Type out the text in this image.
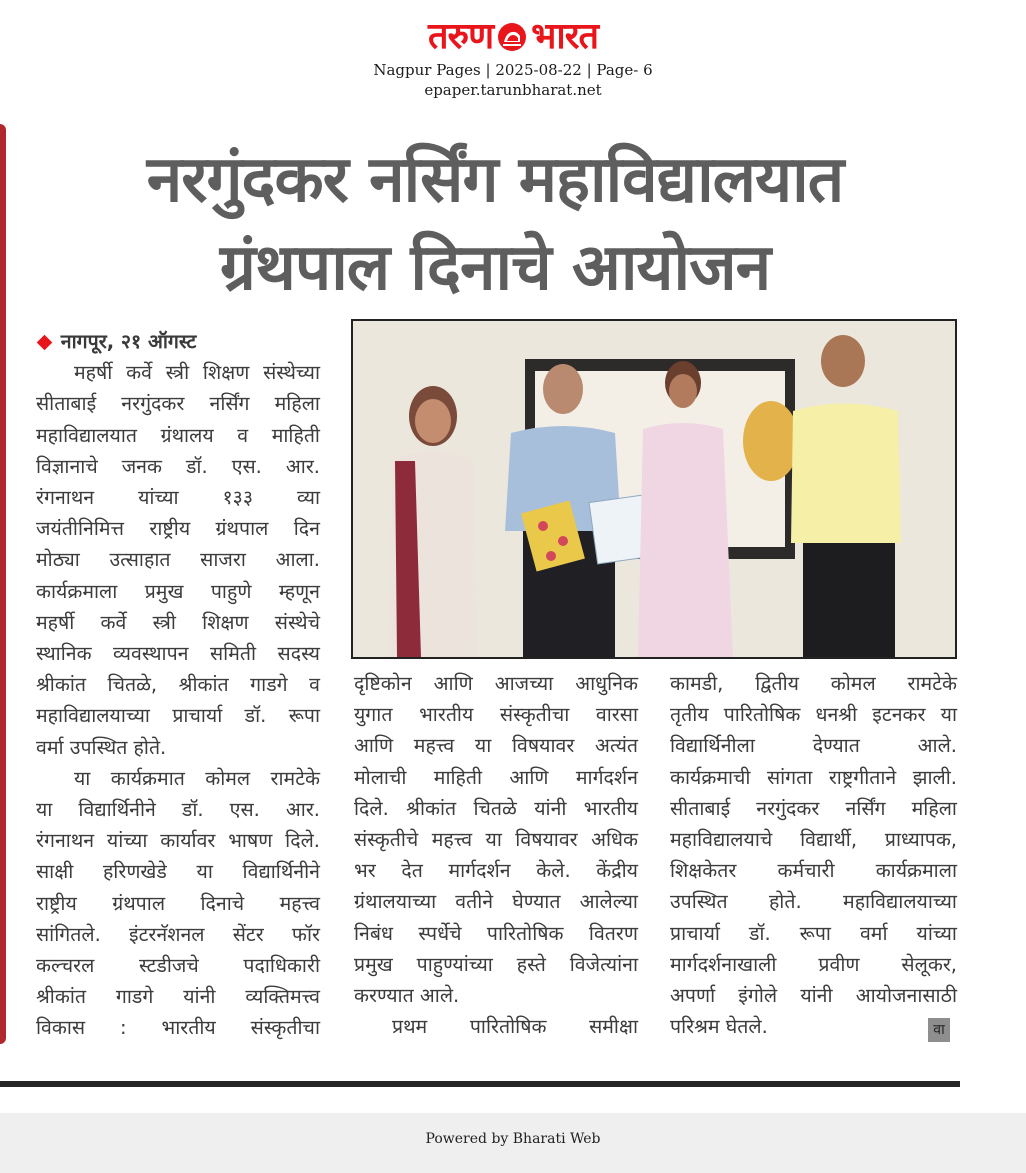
तरुण भारत
Nagpur Pages | 2025-08-22 | Page- 6
epaper.tarunbharat.net
नरगुंदकर नर्सिंग महाविद्यालयात
ग्रंथपाल दिनाचे आयोजन
नागपूर, २१ ऑगस्ट
महर्षी कर्वे स्त्री शिक्षण संस्थेच्या
सीताबाई नरगुंदकर नर्सिंग महिला
महाविद्यालयात ग्रंथालय व माहिती
विज्ञानाचे जनक डॉ. एस. आर.
रंगनाथन यांच्या १३३ व्या
जयंतीनिमित्त राष्ट्रीय ग्रंथपाल दिन
मोठ्या उत्साहात साजरा आला.
कार्यक्रमाला प्रमुख पाहुणे म्हणून
महर्षी कर्वे स्त्री शिक्षण संस्थेचे
स्थानिक व्यवस्थापन समिती सदस्य
श्रीकांत चितळे, श्रीकांत गाडगे व
महाविद्यालयाच्या प्राचार्या डॉ. रूपा
वर्मा उपस्थित होते.
या कार्यक्रमात कोमल रामटेके
या विद्यार्थिनीने डॉ. एस. आर.
रंगनाथन यांच्या कार्यावर भाषण दिले.
साक्षी हरिणखेडे या विद्यार्थिनीने
राष्ट्रीय ग्रंथपाल दिनाचे महत्त्व
सांगितले. इंटरनॅशनल सेंटर फॉर
कल्चरल स्टडीजचे पदाधिकारी
श्रीकांत गाडगे यांनी व्यक्तिमत्त्व
विकास : भारतीय संस्कृतीचा
दृष्टिकोन आणि आजच्या आधुनिक
युगात भारतीय संस्कृतीचा वारसा
आणि महत्त्व या विषयावर अत्यंत
मोलाची माहिती आणि मार्गदर्शन
दिले. श्रीकांत चितळे यांनी भारतीय
संस्कृतीचे महत्त्व या विषयावर अधिक
भर देत मार्गदर्शन केले. केंद्रीय
ग्रंथालयाच्या वतीने घेण्यात आलेल्या
निबंध स्पर्धेचे पारितोषिक वितरण
प्रमुख पाहुण्यांच्या हस्ते विजेत्यांना
करण्यात आले.
प्रथम पारितोषिक समीक्षा
कामडी, द्वितीय कोमल रामटेके
तृतीय पारितोषिक धनश्री इटनकर या
विद्यार्थिनीला देण्यात आले.
कार्यक्रमाची सांगता राष्ट्रगीताने झाली.
सीताबाई नरगुंदकर नर्सिंग महिला
महाविद्यालयाचे विद्यार्थी, प्राध्यापक,
शिक्षकेतर कर्मचारी कार्यक्रमाला
उपस्थित होते. महाविद्यालयाच्या
प्राचार्या डॉ. रूपा वर्मा यांच्या
मार्गदर्शनाखाली प्रवीण सेलूकर,
अपर्णा इंगोले यांनी आयोजनासाठी
परिश्रम घेतले.	वा
Powered by Bharati Web
